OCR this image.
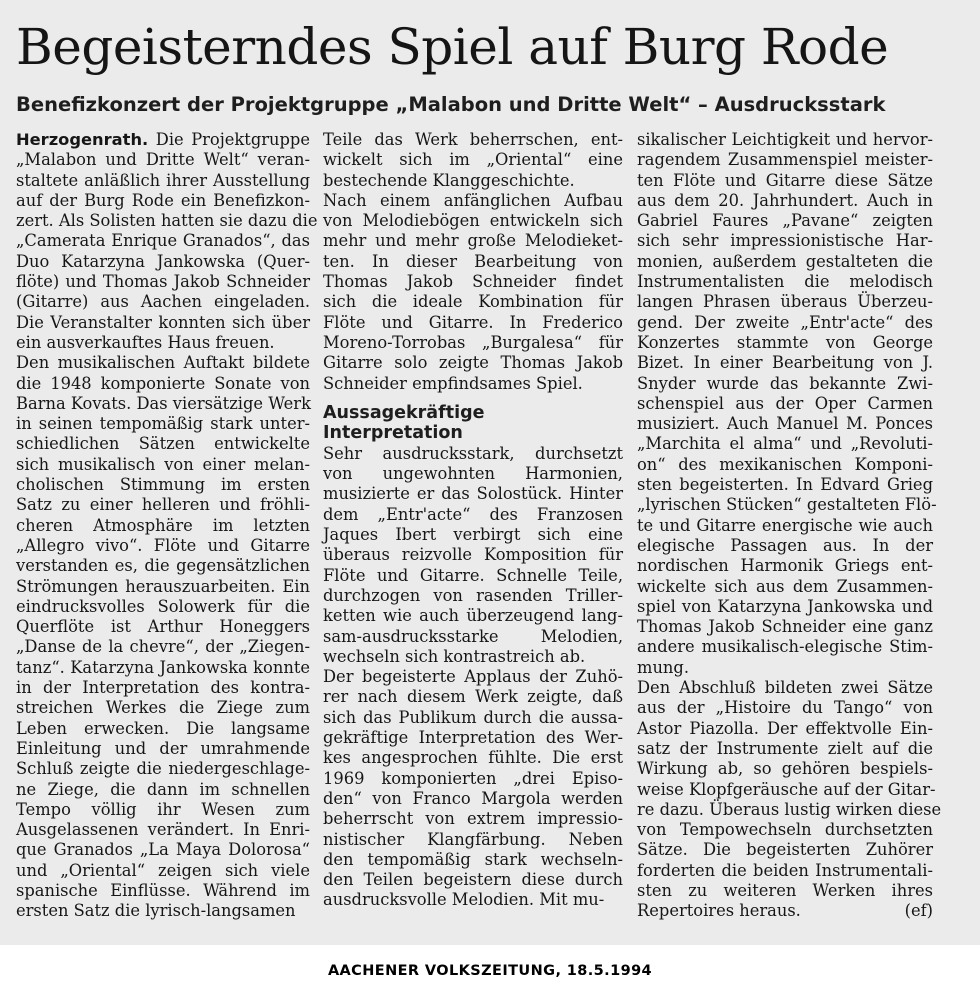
Begeisterndes Spiel auf Burg Rode
Benefizkonzert der Projektgruppe „Malabon und Dritte Welt“ – Ausdrucksstark
Herzogenrath. Die Projektgruppe
„Malabon und Dritte Welt“ veran-
staltete anläßlich ihrer Ausstellung
auf der Burg Rode ein Benefizkon-
zert. Als Solisten hatten sie dazu die
„Camerata Enrique Granados“, das
Duo Katarzyna Jankowska (Quer-
flöte) und Thomas Jakob Schneider
(Gitarre) aus Aachen eingeladen.
Die Veranstalter konnten sich über
ein ausverkauftes Haus freuen.
Den musikalischen Auftakt bildete
die 1948 komponierte Sonate von
Barna Kovats. Das viersätzige Werk
in seinen tempomäßig stark unter-
schiedlichen Sätzen entwickelte
sich musikalisch von einer melan-
cholischen Stimmung im ersten
Satz zu einer helleren und fröhli-
cheren Atmosphäre im letzten
„Allegro vivo“. Flöte und Gitarre
verstanden es, die gegensätzlichen
Strömungen herauszuarbeiten. Ein
eindrucksvolles Solowerk für die
Querflöte ist Arthur Honeggers
„Danse de la chevre“, der „Ziegen-
tanz“. Katarzyna Jankowska konnte
in der Interpretation des kontra-
streichen Werkes die Ziege zum
Leben erwecken. Die langsame
Einleitung und der umrahmende
Schluß zeigte die niedergeschlage-
ne Ziege, die dann im schnellen
Tempo völlig ihr Wesen zum
Ausgelassenen verändert. In Enri-
que Granados „La Maya Dolorosa“
und „Oriental“ zeigen sich viele
spanische Einflüsse. Während im
ersten Satz die lyrisch-langsamen
Teile das Werk beherrschen, ent-
wickelt sich im „Oriental“ eine
bestechende Klanggeschichte.
Nach einem anfänglichen Aufbau
von Melodiebögen entwickeln sich
mehr und mehr große Melodieket-
ten. In dieser Bearbeitung von
Thomas Jakob Schneider findet
sich die ideale Kombination für
Flöte und Gitarre. In Frederico
Moreno-Torrobas „Burgalesa“ für
Gitarre solo zeigte Thomas Jakob
Schneider empfindsames Spiel.
Aussagekräftige
Interpretation
Sehr ausdrucksstark, durchsetzt
von ungewohnten Harmonien,
musizierte er das Solostück. Hinter
dem „Entr'acte“ des Franzosen
Jaques Ibert verbirgt sich eine
überaus reizvolle Komposition für
Flöte und Gitarre. Schnelle Teile,
durchzogen von rasenden Triller-
ketten wie auch überzeugend lang-
sam-ausdrucksstarke Melodien,
wechseln sich kontrastreich ab.
Der begeisterte Applaus der Zuhö-
rer nach diesem Werk zeigte, daß
sich das Publikum durch die aussa-
gekräftige Interpretation des Wer-
kes angesprochen fühlte. Die erst
1969 komponierten „drei Episo-
den“ von Franco Margola werden
beherrscht von extrem impressio-
nistischer Klangfärbung. Neben
den tempomäßig stark wechseln-
den Teilen begeistern diese durch
ausdrucksvolle Melodien. Mit mu-
sikalischer Leichtigkeit und hervor-
ragendem Zusammenspiel meister-
ten Flöte und Gitarre diese Sätze
aus dem 20. Jahrhundert. Auch in
Gabriel Faures „Pavane“ zeigten
sich sehr impressionistische Har-
monien, außerdem gestalteten die
Instrumentalisten die melodisch
langen Phrasen überaus Überzeu-
gend. Der zweite „Entr'acte“ des
Konzertes stammte von George
Bizet. In einer Bearbeitung von J.
Snyder wurde das bekannte Zwi-
schenspiel aus der Oper Carmen
musiziert. Auch Manuel M. Ponces
„Marchita el alma“ und „Revoluti-
on“ des mexikanischen Komponi-
sten begeisterten. In Edvard Grieg
„lyrischen Stücken“ gestalteten Flö-
te und Gitarre energische wie auch
elegische Passagen aus. In der
nordischen Harmonik Griegs ent-
wickelte sich aus dem Zusammen-
spiel von Katarzyna Jankowska und
Thomas Jakob Schneider eine ganz
andere musikalisch-elegische Stim-
mung.
Den Abschluß bildeten zwei Sätze
aus der „Histoire du Tango“ von
Astor Piazolla. Der effektvolle Ein-
satz der Instrumente zielt auf die
Wirkung ab, so gehören bespiels-
weise Klopfgeräusche auf der Gitar-
re dazu. Überaus lustig wirken diese
von Tempowechseln durchsetzten
Sätze. Die begeisterten Zuhörer
forderten die beiden Instrumentali-
sten zu weiteren Werken ihres
Repertoires heraus.	(ef)
AACHENER VOLKSZEITUNG, 18.5.1994
